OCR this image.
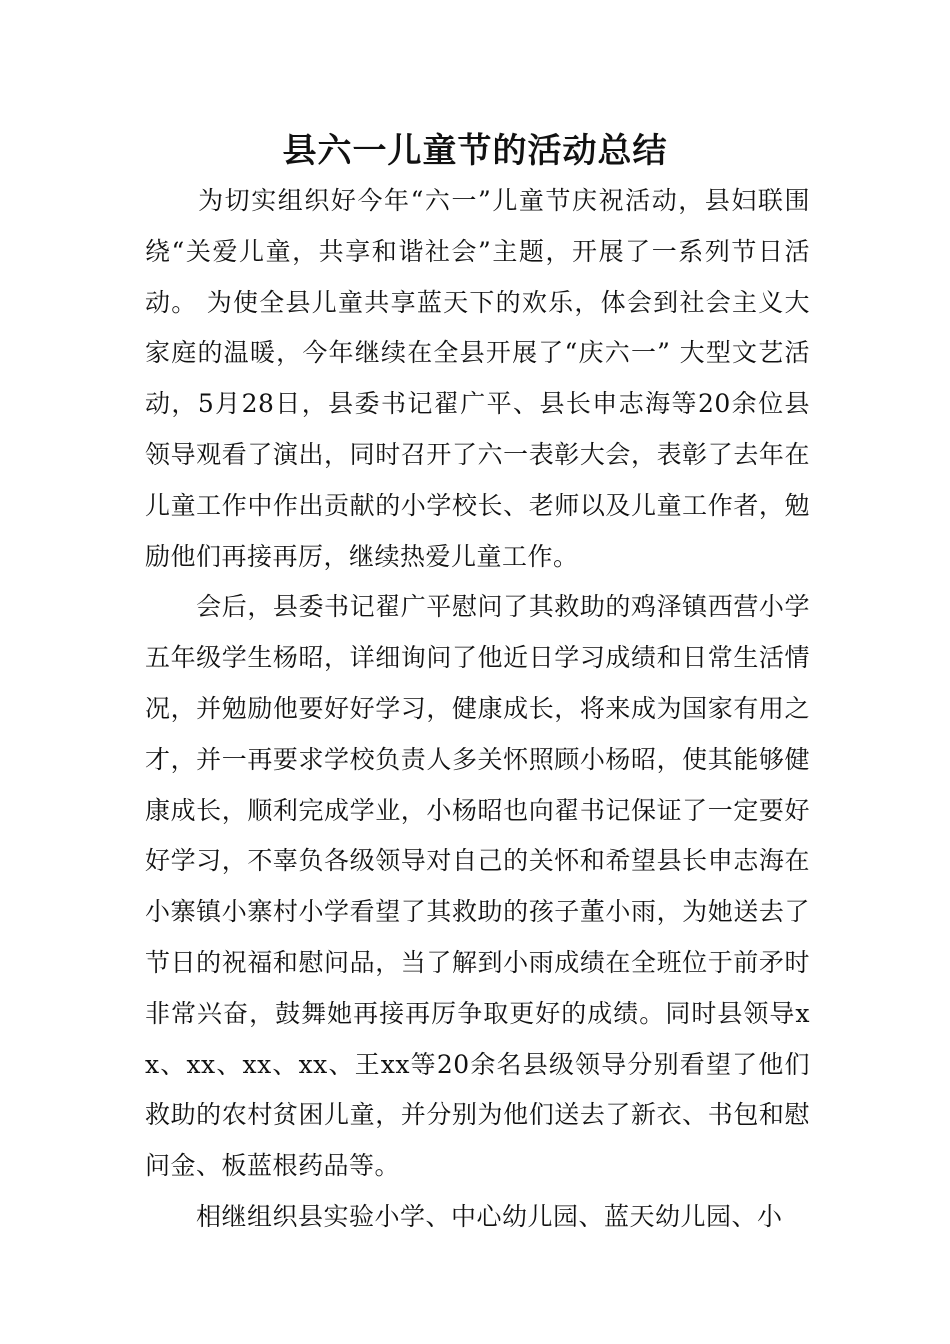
县六一儿童节的活动总结

　　为切实组织好今年“六一”儿童节庆祝活动，县妇联围绕“关爱儿童，共享和谐社会”主题，开展了一系列节日活动。 为使全县儿童共享蓝天下的欢乐，体会到社会主义大家庭的温暖，今年继续在全县开展了“庆六一” 大型文艺活动，5月28日，县委书记翟广平、县长申志海等20余位县领导观看了演出，同时召开了六一表彰大会，表彰了去年在儿童工作中作出贡献的小学校长、老师以及儿童工作者，勉励他们再接再厉，继续热爱儿童工作。

　　会后，县委书记翟广平慰问了其救助的鸡泽镇西营小学五年级学生杨昭，详细询问了他近日学习成绩和日常生活情况，并勉励他要好好学习，健康成长，将来成为国家有用之才，并一再要求学校负责人多关怀照顾小杨昭，使其能够健康成长，顺利完成学业，小杨昭也向翟书记保证了一定要好好学习，不辜负各级领导对自己的关怀和希望县长申志海在小寨镇小寨村小学看望了其救助的孩子董小雨，为她送去了节日的祝福和慰问品，当了解到小雨成绩在全班位于前矛时非常兴奋，鼓舞她再接再厉争取更好的成绩。同时县领导xx、xx、xx、xx、王xx等20余名县级领导分别看望了他们救助的农村贫困儿童，并分别为他们送去了新衣、书包和慰问金、板蓝根药品等。

　　相继组织县实验小学、中心幼儿园、蓝天幼儿园、小
